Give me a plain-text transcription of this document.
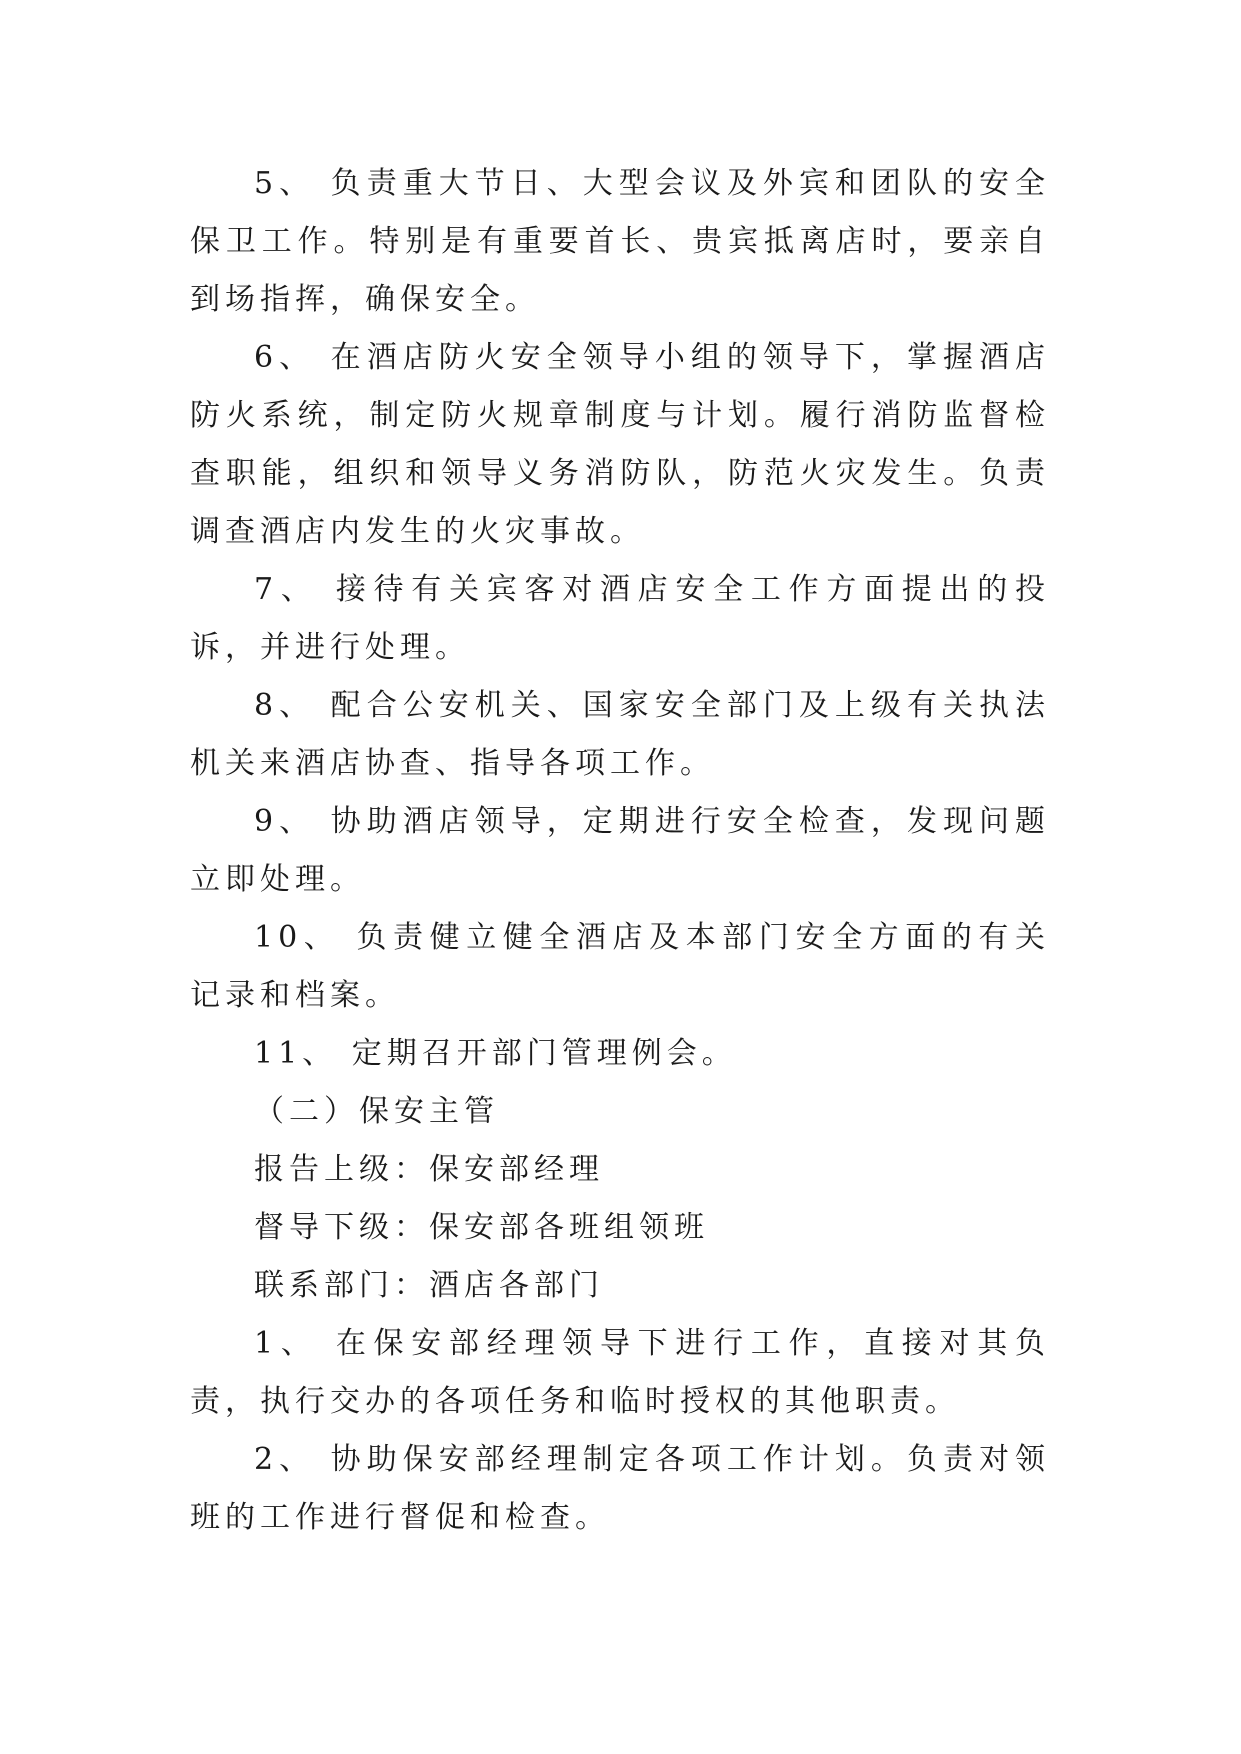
5、 负责重大节日、大型会议及外宾和团队的安全保卫工作。特别是有重要首长、贵宾抵离店时，要亲自到场指挥，确保安全。

6、 在酒店防火安全领导小组的领导下，掌握酒店防火系统，制定防火规章制度与计划。履行消防监督检查职能，组织和领导义务消防队，防范火灾发生。负责调查酒店内发生的火灾事故。

7、 接待有关宾客对酒店安全工作方面提出的投诉，并进行处理。

8、 配合公安机关、国家安全部门及上级有关执法机关来酒店协查、指导各项工作。

9、 协助酒店领导，定期进行安全检查，发现问题立即处理。

10、 负责健立健全酒店及本部门安全方面的有关记录和档案。

11、 定期召开部门管理例会。

（二）保安主管

报告上级：保安部经理

督导下级：保安部各班组领班

联系部门：酒店各部门

1、 在保安部经理领导下进行工作，直接对其负责，执行交办的各项任务和临时授权的其他职责。

2、 协助保安部经理制定各项工作计划。负责对领班的工作进行督促和检查。
